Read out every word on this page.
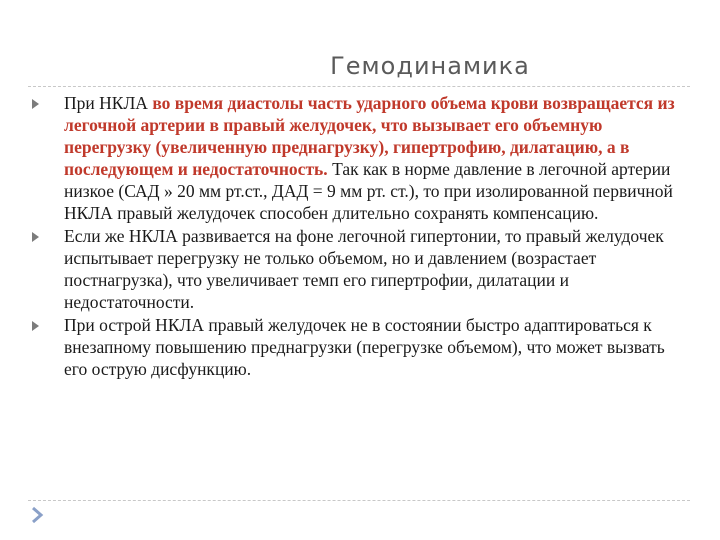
Гемодинамика
При НКЛА во время диастолы часть ударного объема крови возвращается из легочной артерии в правый желудочек, что вызывает его объемную перегрузку (увеличенную преднагрузку), гипертрофию, дилатацию, а в последующем и недостаточность. Так как в норме давление в легочной артерии низкое (САД » 20 мм рт.ст., ДАД = 9 мм рт. ст.), то при изолированной первичной НКЛА правый желудочек способен длительно сохранять компенсацию.
Если же НКЛА развивается на фоне легочной гипертонии, то правый желудочек испытывает перегрузку не только объемом, но и давлением (возрастает постнагрузка), что увеличивает темп его гипертрофии, дилатации и недостаточности.
При острой НКЛА правый желудочек не в состоянии быстро адаптироваться к внезапному повышению преднагрузки (перегрузке объемом), что может вызвать его острую дисфункцию.
